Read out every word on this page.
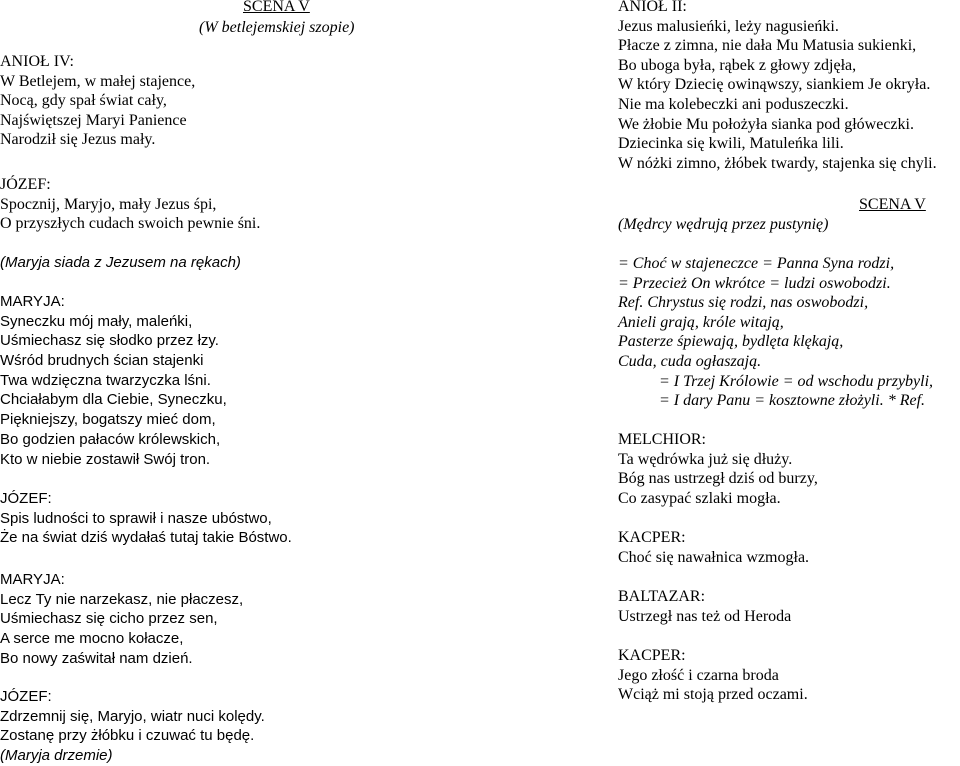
SCENA V
(W betlejemskiej szopie)
ANIOŁ IV:
W Betlejem, w małej stajence,
Nocą, gdy spał świat cały,
Najświętszej Maryi Panience
Narodził się Jezus mały.
JÓZEF:
Spocznij, Maryjo, mały Jezus śpi,
O przyszłych cudach swoich pewnie śni.
(Maryja siada z Jezusem na rękach)
MARYJA:
Syneczku mój mały, maleńki,
Uśmiechasz się słodko przez łzy.
Wśród brudnych ścian stajenki
Twa wdzięczna twarzyczka lśni.
Chciałabym dla Ciebie, Syneczku,
Piękniejszy, bogatszy mieć dom,
Bo godzien pałaców królewskich,
Kto w niebie zostawił Swój tron.
JÓZEF:
Spis ludności to sprawił i nasze ubóstwo,
Że na świat dziś wydałaś tutaj takie Bóstwo.
MARYJA:
Lecz Ty nie narzekasz, nie płaczesz,
Uśmiechasz się cicho przez sen,
A serce me mocno kołacze,
Bo nowy zaświtał nam dzień.
JÓZEF:
Zdrzemnij się, Maryjo, wiatr nuci kolędy.
Zostanę przy żłóbku i czuwać tu będę.
(Maryja drzemie)
ANIOŁ II:
Jezus malusieńki, leży nagusieńki.
Płacze z zimna, nie dała Mu Matusia sukienki,
Bo uboga była, rąbek z głowy zdjęła,
W który Dziecię owinąwszy, siankiem Je okryła.
Nie ma kolebeczki ani poduszeczki.
We żłobie Mu położyła sianka pod główeczki.
Dziecinka się kwili, Matuleńka lili.
W nóżki zimno, żłóbek twardy, stajenka się chyli.
SCENA V
(Mędrcy wędrują przez pustynię)
= Choć w stajeneczce = Panna Syna rodzi,
= Przecież On wkrótce = ludzi oswobodzi.
Ref. Chrystus się rodzi, nas oswobodzi,
Anieli grają, króle witają,
Pasterze śpiewają, bydlęta klękają,
Cuda, cuda ogłaszają.
= I Trzej Królowie = od wschodu przybyli,
= I dary Panu = kosztowne złożyli. * Ref.
MELCHIOR:
Ta wędrówka już się dłuży.
Bóg nas ustrzegł dziś od burzy,
Co zasypać szlaki mogła.
KACPER:
Choć się nawałnica wzmogła.
BALTAZAR:
Ustrzegł nas też od Heroda
KACPER:
Jego złość i czarna broda
Wciąż mi stoją przed oczami.
